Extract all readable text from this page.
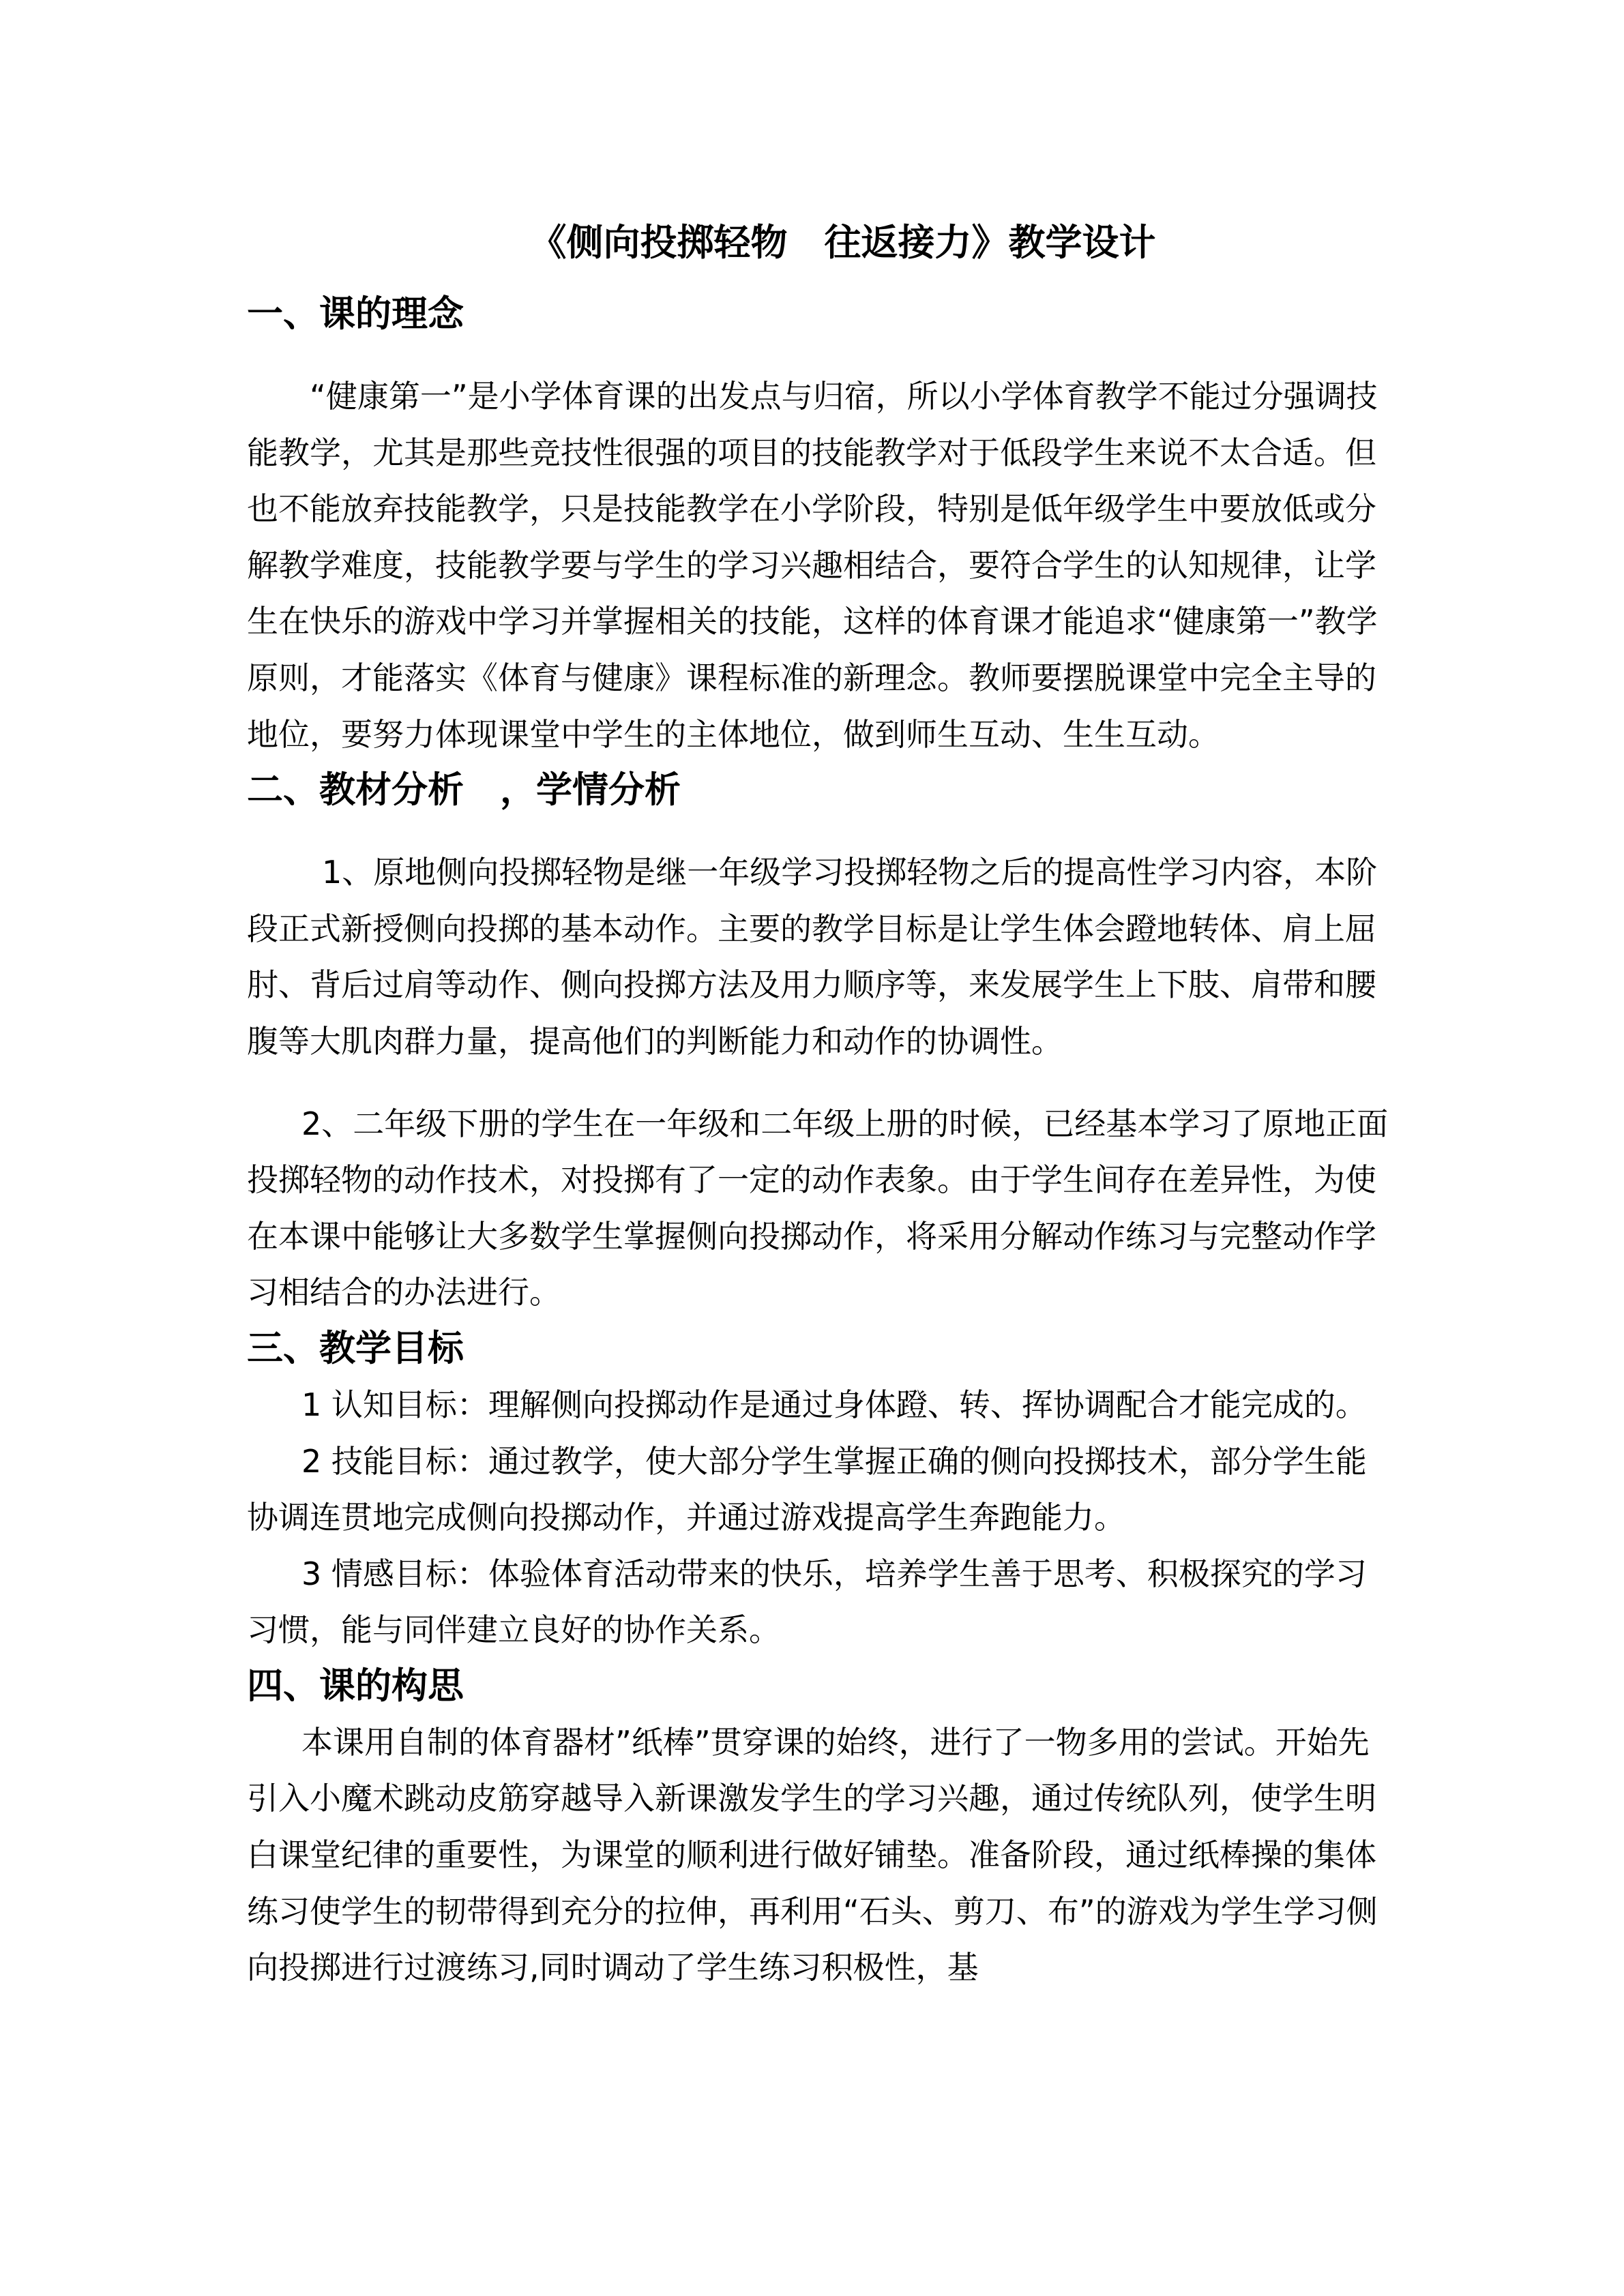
《侧向投掷轻物　往返接力》教学设计
一、课的理念

“健康第一”是小学体育课的出发点与归宿，所以小学体育教学不能过分强调技能教学，尤其是那些竞技性很强的项目的技能教学对于低段学生来说不太合适。但也不能放弃技能教学，只是技能教学在小学阶段，特别是低年级学生中要放低或分解教学难度，技能教学要与学生的学习兴趣相结合，要符合学生的认知规律，让学生在快乐的游戏中学习并掌握相关的技能，这样的体育课才能追求“健康第一”教学原则，才能落实《体育与健康》课程标准的新理念。教师要摆脱课堂中完全主导的地位，要努力体现课堂中学生的主体地位，做到师生互动、生生互动。

二、教材分析　，学情分析

1、原地侧向投掷轻物是继一年级学习投掷轻物之后的提高性学习内容，本阶段正式新授侧向投掷的基本动作。主要的教学目标是让学生体会蹬地转体、肩上屈肘、背后过肩等动作、侧向投掷方法及用力顺序等，来发展学生上下肢、肩带和腰腹等大肌肉群力量，提高他们的判断能力和动作的协调性。

2、二年级下册的学生在一年级和二年级上册的时候，已经基本学习了原地正面投掷轻物的动作技术，对投掷有了一定的动作表象。由于学生间存在差异性，为使在本课中能够让大多数学生掌握侧向投掷动作，将采用分解动作练习与完整动作学习相结合的办法进行。

三、教学目标

1 认知目标：理解侧向投掷动作是通过身体蹬、转、挥协调配合才能完成的。

2 技能目标：通过教学，使大部分学生掌握正确的侧向投掷技术，部分学生能协调连贯地完成侧向投掷动作，并通过游戏提高学生奔跑能力。

3 情感目标：体验体育活动带来的快乐，培养学生善于思考、积极探究的学习习惯，能与同伴建立良好的协作关系。

四、课的构思

本课用自制的体育器材”纸棒”贯穿课的始终，进行了一物多用的尝试。开始先引入小魔术跳动皮筋穿越导入新课激发学生的学习兴趣，通过传统队列，使学生明白课堂纪律的重要性，为课堂的顺利进行做好铺垫。准备阶段，通过纸棒操的集体练习使学生的韧带得到充分的拉伸，再利用“石头、剪刀、布”的游戏为学生学习侧向投掷进行过渡练习,同时调动了学生练习积极性，基
